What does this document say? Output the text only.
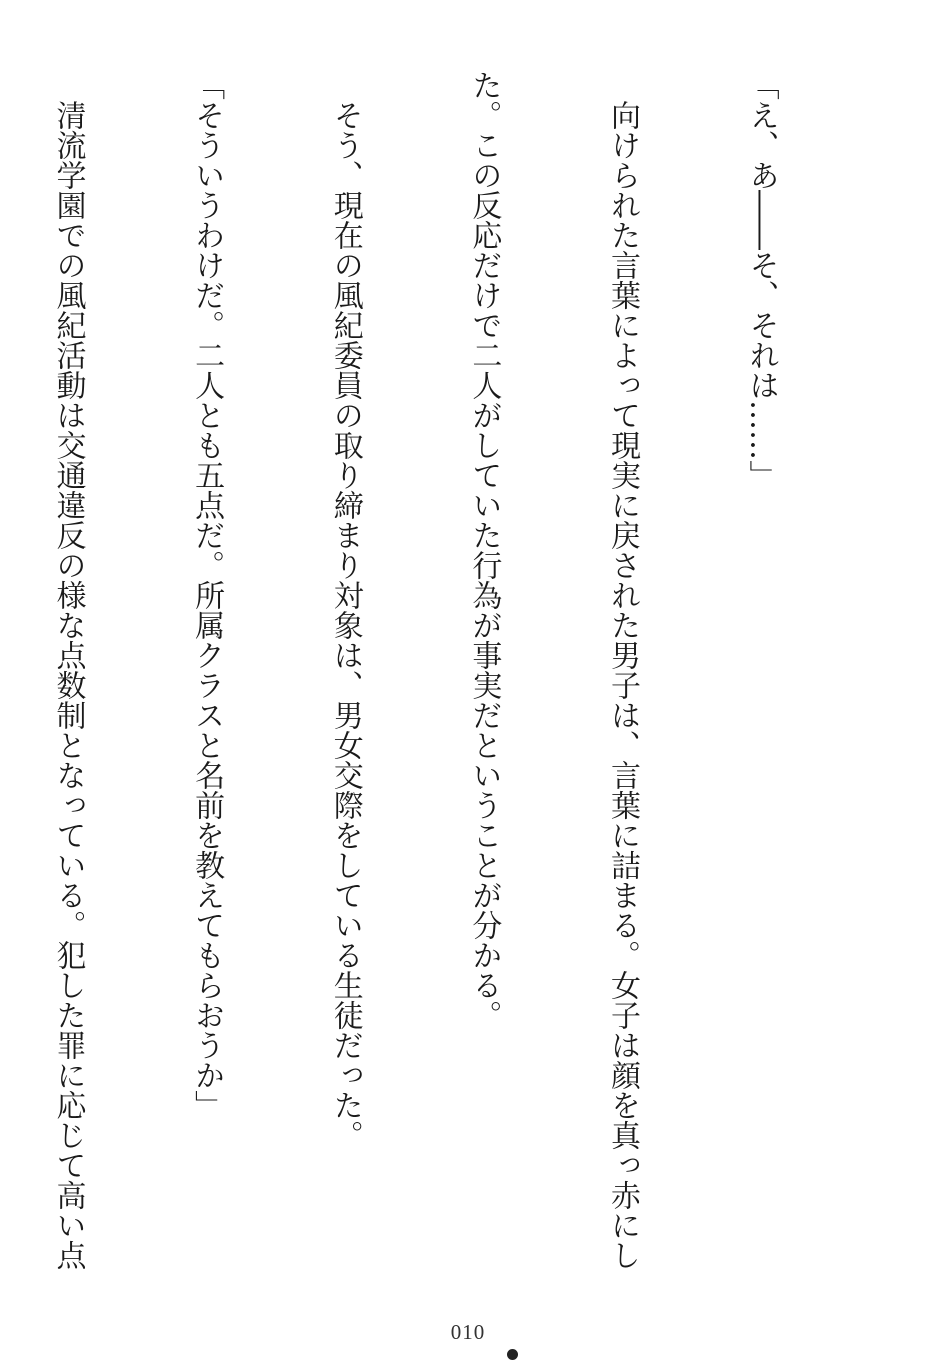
「え、あ――そ、それは……」

　向けられた言葉によって現実に戻された男子は、言葉に詰まる。女子は顔を真っ赤にし

た。この反応だけで二人がしていた行為が事実だということが分かる。

　そう、現在の風紀委員の取り締まり対象は、男女交際をしている生徒だった。

「そういうわけだ。二人とも五点だ。所属クラスと名前を教えてもらおうか」

　清流学園での風紀活動は交通違反の様な点数制となっている。犯した罪に応じて高い点

010
